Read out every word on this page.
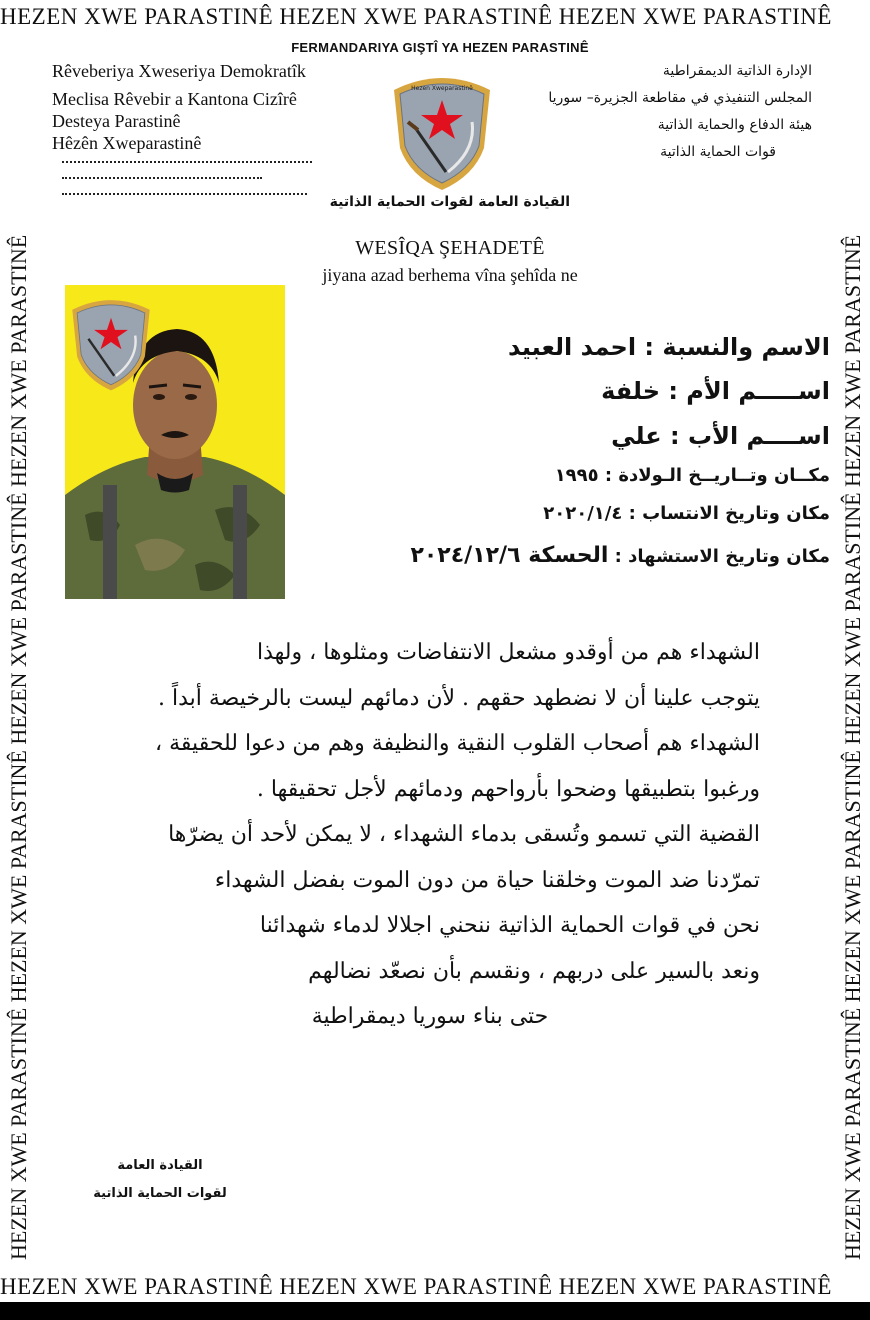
HEZEN XWE PARASTINÊ HEZEN XWE PARASTINÊ HEZEN XWE PARASTINÊ
HEZEN XWE PARASTINÊ HEZEN XWE PARASTINÊ HEZEN XWE PARASTINÊ HEZEN XWE PARASTINÊ	HEZEN XWE PARASTINÊ HEZEN XWE PARASTINÊ HEZEN XWE PARASTINÊ HEZEN XWE PARASTINÊ
HEZEN XWE PARASTINÊ HEZEN XWE PARASTINÊ HEZEN XWE PARASTINÊ
FERMANDARIYA GIŞTÎ YA HEZEN PARASTINÊ
Rêveberiya Xweseriya Demokratîk
Meclisa Rêvebir a Kantona Cizîrê
Desteya Parastinê
Hêzên Xweparastinê
الإدارة الذاتية الديمقراطية
المجلس التنفيذي في مقاطعة الجزيرة– سوريا
هيئة الدفاع والحماية الذاتية
قوات الحماية الذاتية
Hezen Xweparastinê
القيادة العامة لقوات الحماية الذاتية
WESÎQA ŞEHADETÊ
jiyana azad berhema vîna şehîda ne
الاسم والنسبة : احمد العبيد
اســـــم الأم : خلفة
اســــم الأب : علي
مكــان وتــاريــخ الـولادة : ١٩٩٥
مكان وتاريخ الانتساب : ٢٠٢٠/١/٤
مكان وتاريخ الاستشهاد : الحسكة ٢٠٢٤/١٢/٦
الشهداء هم من أوقدو مشعل الانتفاضات ومثلوها ، ولهذا
يتوجب علينا أن لا نضطهد حقهم . لأن دمائهم ليست بالرخيصة أبداً .
الشهداء هم أصحاب القلوب النقية والنظيفة وهم من دعوا للحقيقة ،
ورغبوا بتطبيقها وضحوا بأرواحهم ودمائهم لأجل تحقيقها .
القضية التي تسمو وتُسقى بدماء الشهداء ، لا يمكن لأحد أن يضرّها
تمرّدنا ضد الموت وخلقنا حياة من دون الموت بفضل الشهداء
نحن في قوات الحماية الذاتية ننحني اجلالا لدماء شهدائنا
ونعد بالسير على دربهم ، ونقسم بأن نصعّد نضالهم
حتى بناء سوريا ديمقراطية
القيادة العامة
لقوات الحماية الذاتية
